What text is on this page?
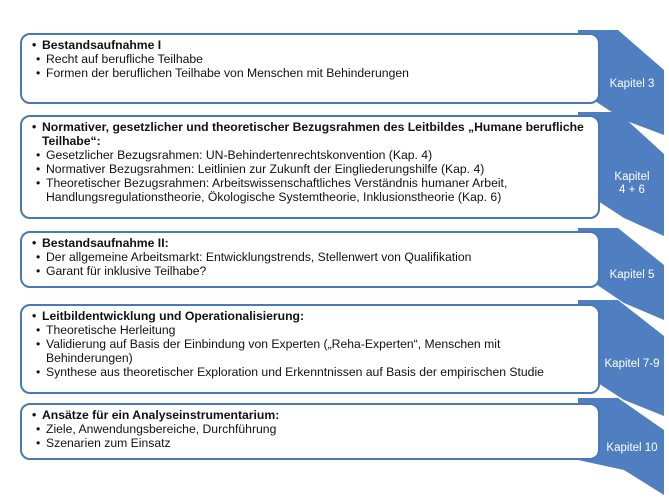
Kapitel 3
Kapitel
4 + 6
Kapitel 5
Kapitel 7-9
Kapitel 10
• Bestandsaufnahme I
• Recht auf berufliche Teilhabe
• Formen der beruflichen Teilhabe von Menschen mit Behinderungen
• Normativer, gesetzlicher und theoretischer Bezugsrahmen des Leitbildes „Humane berufliche Teilhabe“:
• Gesetzlicher Bezugsrahmen: UN-Behindertenrechtskonvention (Kap. 4)
• Normativer Bezugsrahmen: Leitlinien zur Zukunft der Eingliederungshilfe (Kap. 4)
• Theoretischer Bezugsrahmen: Arbeitswissenschaftliches Verständnis humaner Arbeit, Handlungsregulationstheorie, Ökologische Systemtheorie, Inklusionstheorie (Kap. 6)
• Bestandsaufnahme II:
• Der allgemeine Arbeitsmarkt: Entwicklungstrends, Stellenwert von Qualifikation
• Garant für inklusive Teilhabe?
• Leitbildentwicklung und Operationalisierung:
• Theoretische Herleitung
• Validierung auf Basis der Einbindung von Experten („Reha-Experten“, Menschen mit Behinderungen)
• Synthese aus theoretischer Exploration und Erkenntnissen auf Basis der empirischen Studie
• Ansätze für ein Analyseinstrumentarium:
• Ziele, Anwendungsbereiche, Durchführung
• Szenarien zum Einsatz
